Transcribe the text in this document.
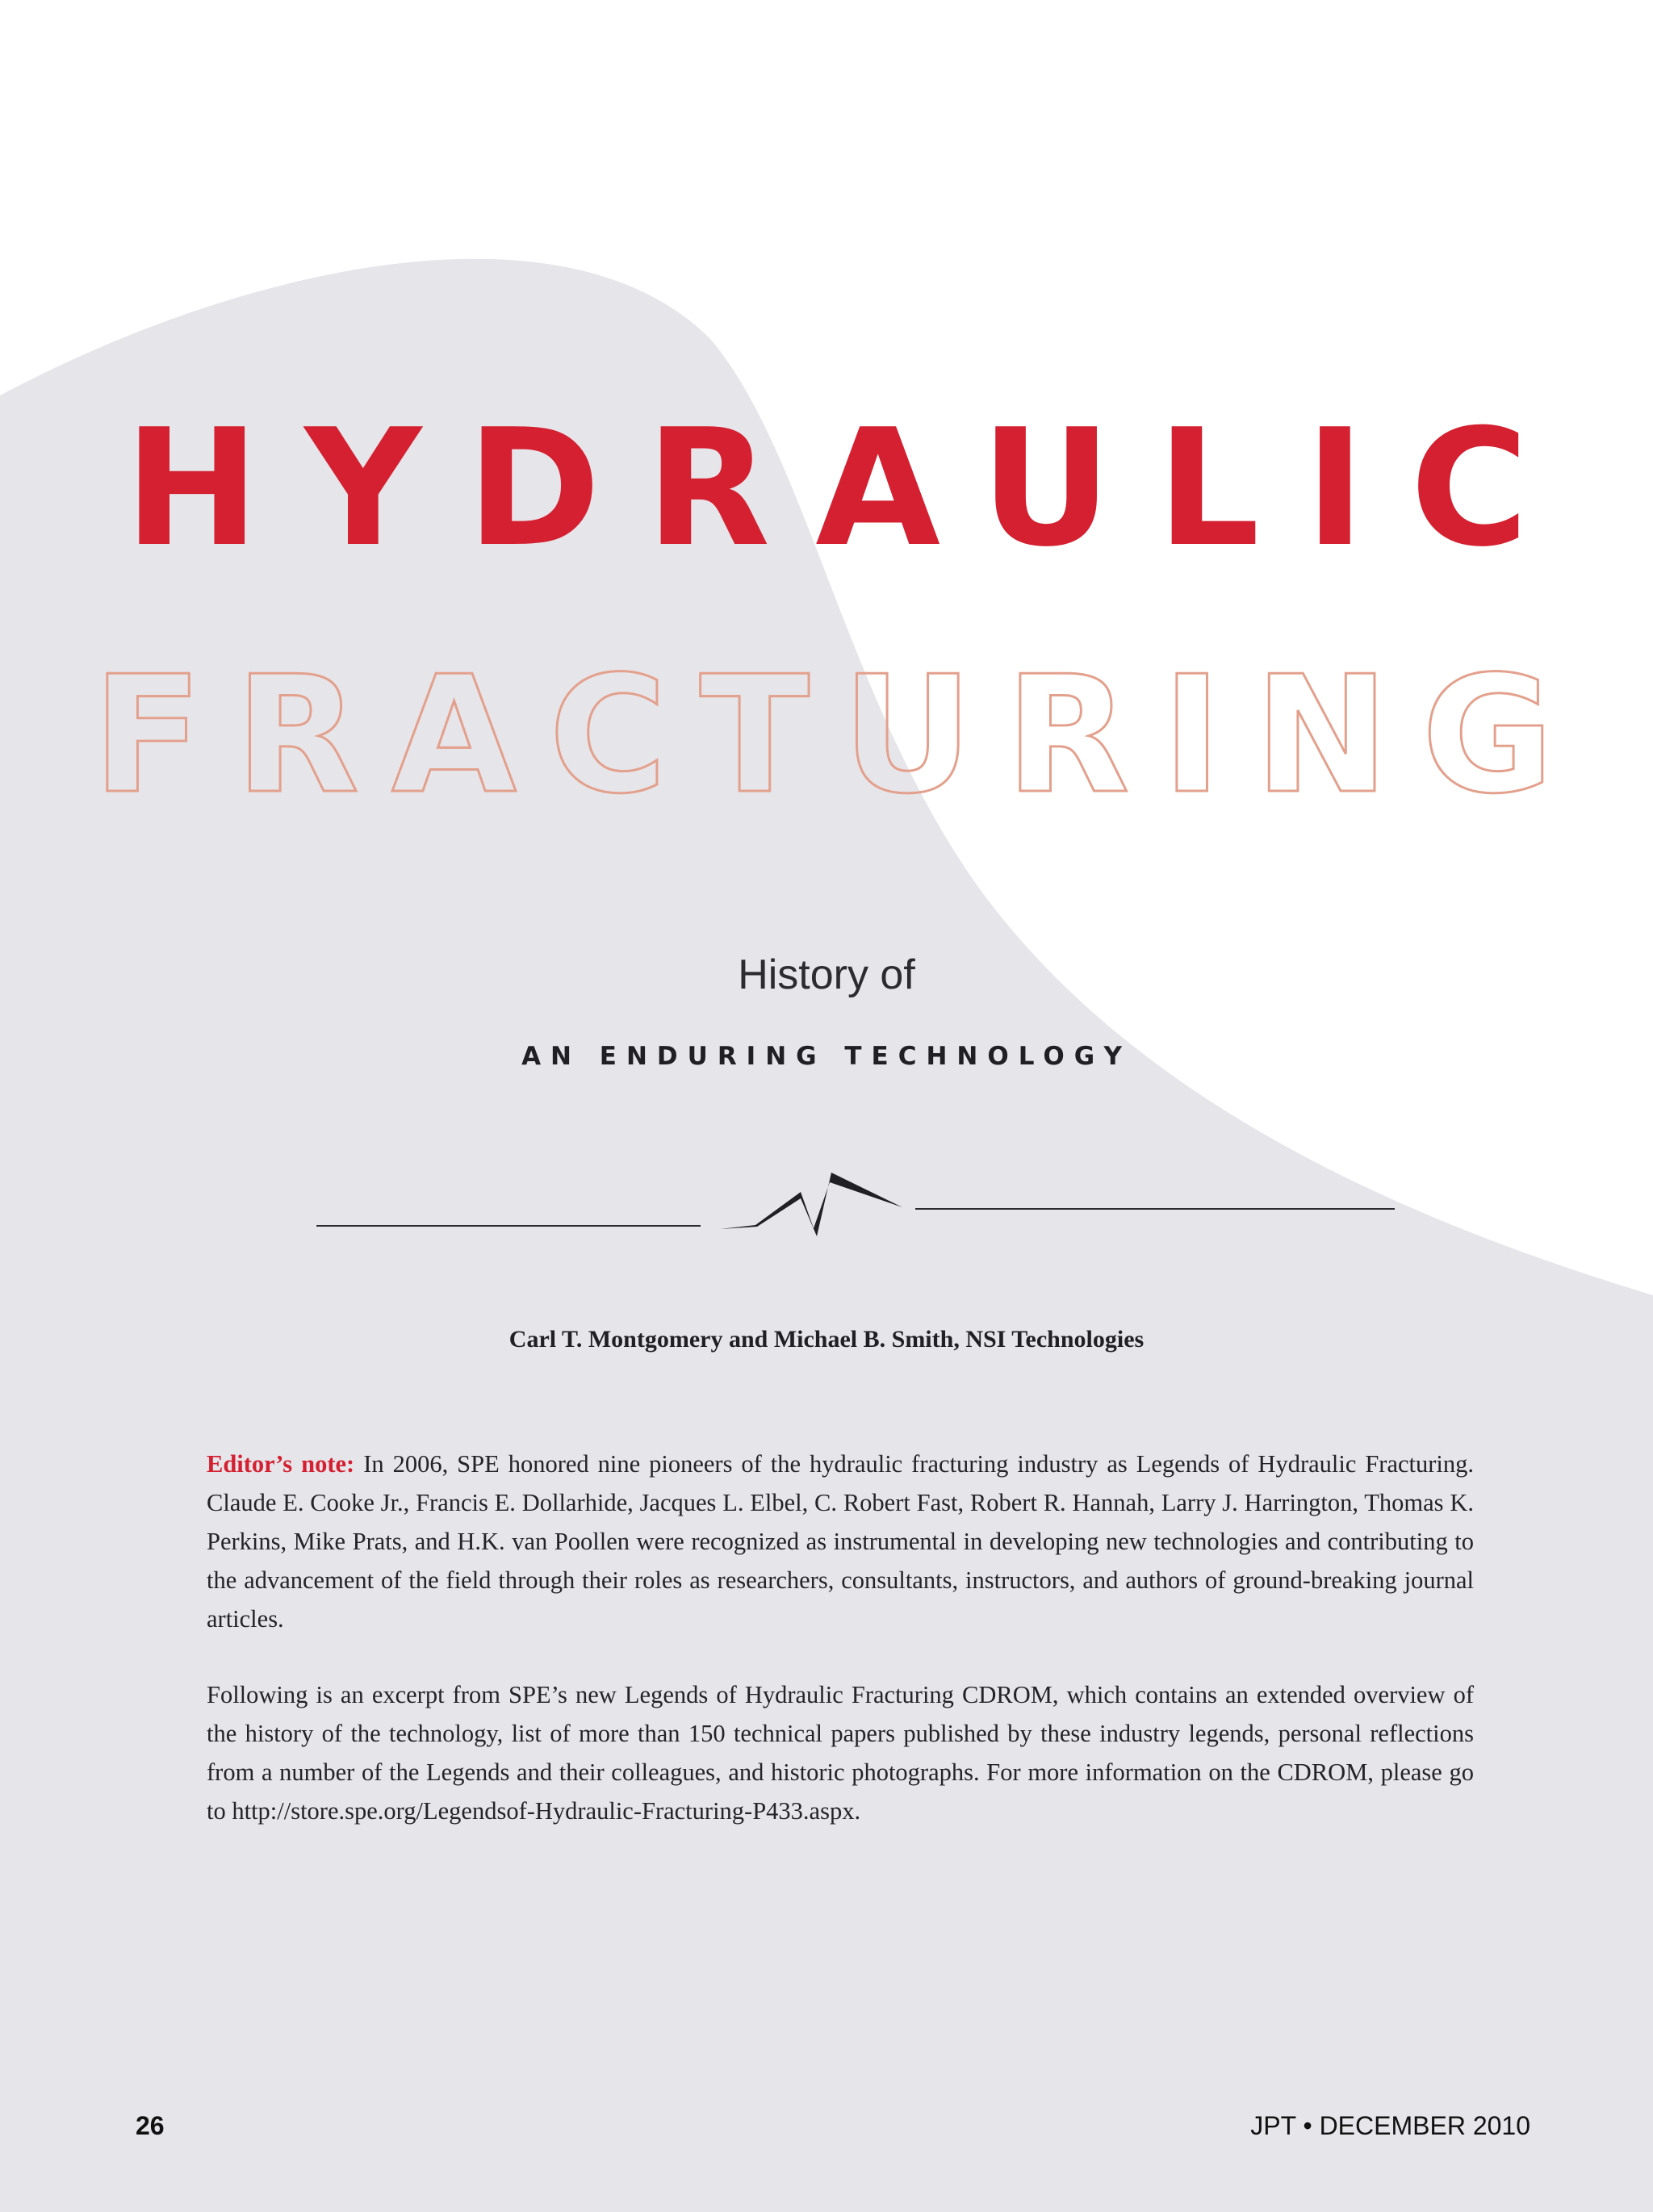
HYDRAULIC
FRACTURING
History of
AN ENDURING TECHNOLOGY
Carl T. Montgomery and Michael B. Smith, NSI Technologies

Editor’s note: In 2006, SPE honored nine pioneers of the hydraulic fracturing industry as Legends of Hydraulic Fracturing. Claude E. Cooke Jr., Francis E. Dollarhide, Jacques L. Elbel, C. Robert Fast, Robert R. Hannah, Larry J. Harrington, Thomas K. Perkins, Mike Prats, and H.K. van Poollen were recognized as instrumental in developing new technologies and contributing to the advancement of the field through their roles as researchers, consultants, instructors, and authors of ground-breaking journal articles.

Following is an excerpt from SPE’s new Legends of Hydraulic Fracturing CDROM, which contains an extended overview of the history of the technology, list of more than 150 technical papers published by these industry legends, personal reflections from a number of the Legends and their colleagues, and historic photographs. For more information on the CDROM, please go to http://store.spe.org/Legendsof-Hydraulic-Fracturing-P433.aspx.

26	JPT • DECEMBER 2010
